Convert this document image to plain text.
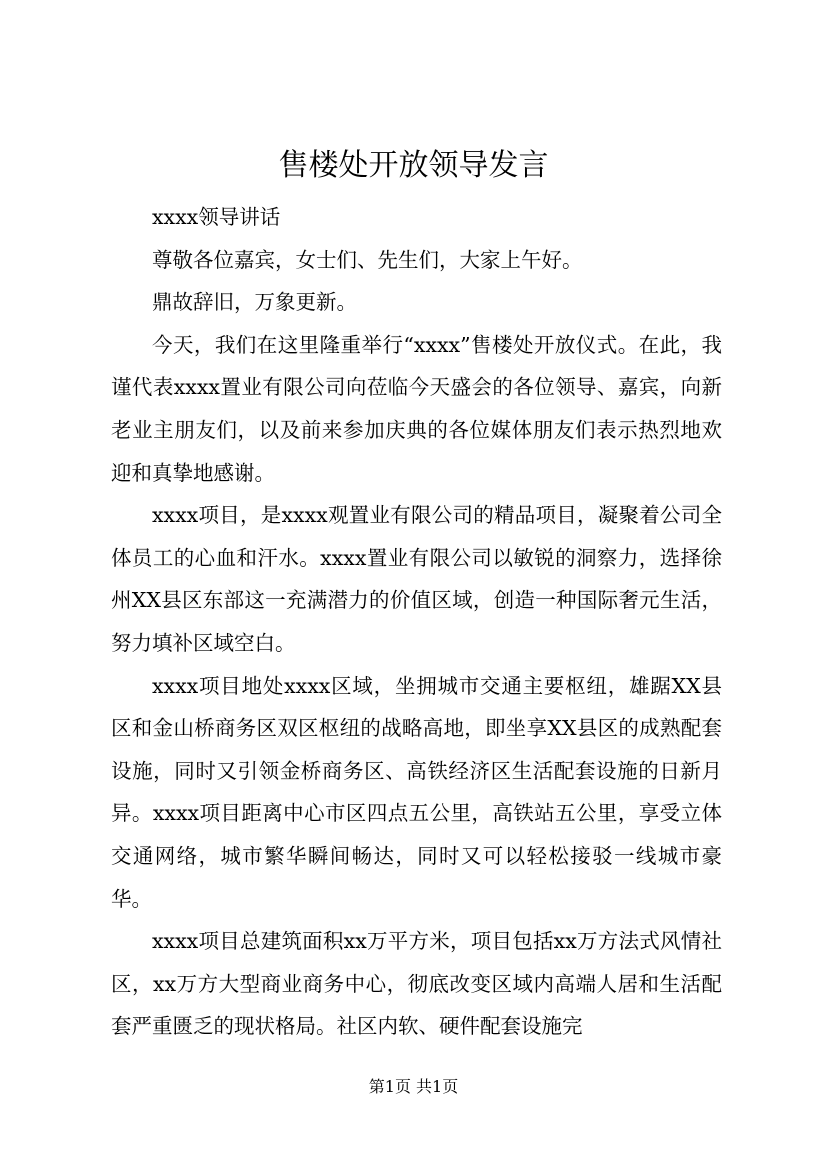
售楼处开放领导发言

xxxx领导讲话

尊敬各位嘉宾，女士们、先生们，大家上午好。

鼎故辞旧，万象更新。

今天，我们在这里隆重举行“xxxx”售楼处开放仪式。在此，我谨代表xxxx置业有限公司向莅临今天盛会的各位领导、嘉宾，向新老业主朋友们，以及前来参加庆典的各位媒体朋友们表示热烈地欢迎和真挚地感谢。

xxxx项目，是xxxx观置业有限公司的精品项目，凝聚着公司全体员工的心血和汗水。xxxx置业有限公司以敏锐的洞察力，选择徐州XX县区东部这一充满潜力的价值区域，创造一种国际奢元生活，努力填补区域空白。

xxxx项目地处xxxx区域，坐拥城市交通主要枢纽，雄踞XX县区和金山桥商务区双区枢纽的战略高地，即坐享XX县区的成熟配套设施，同时又引领金桥商务区、高铁经济区生活配套设施的日新月异。xxxx项目距离中心市区四点五公里，高铁站五公里，享受立体交通网络，城市繁华瞬间畅达，同时又可以轻松接驳一线城市豪华。

xxxx项目总建筑面积xx万平方米，项目包括xx万方法式风情社区，xx万方大型商业商务中心，彻底改变区域内高端人居和生活配套严重匮乏的现状格局。社区内软、硬件配套设施完

第1页 共1页
